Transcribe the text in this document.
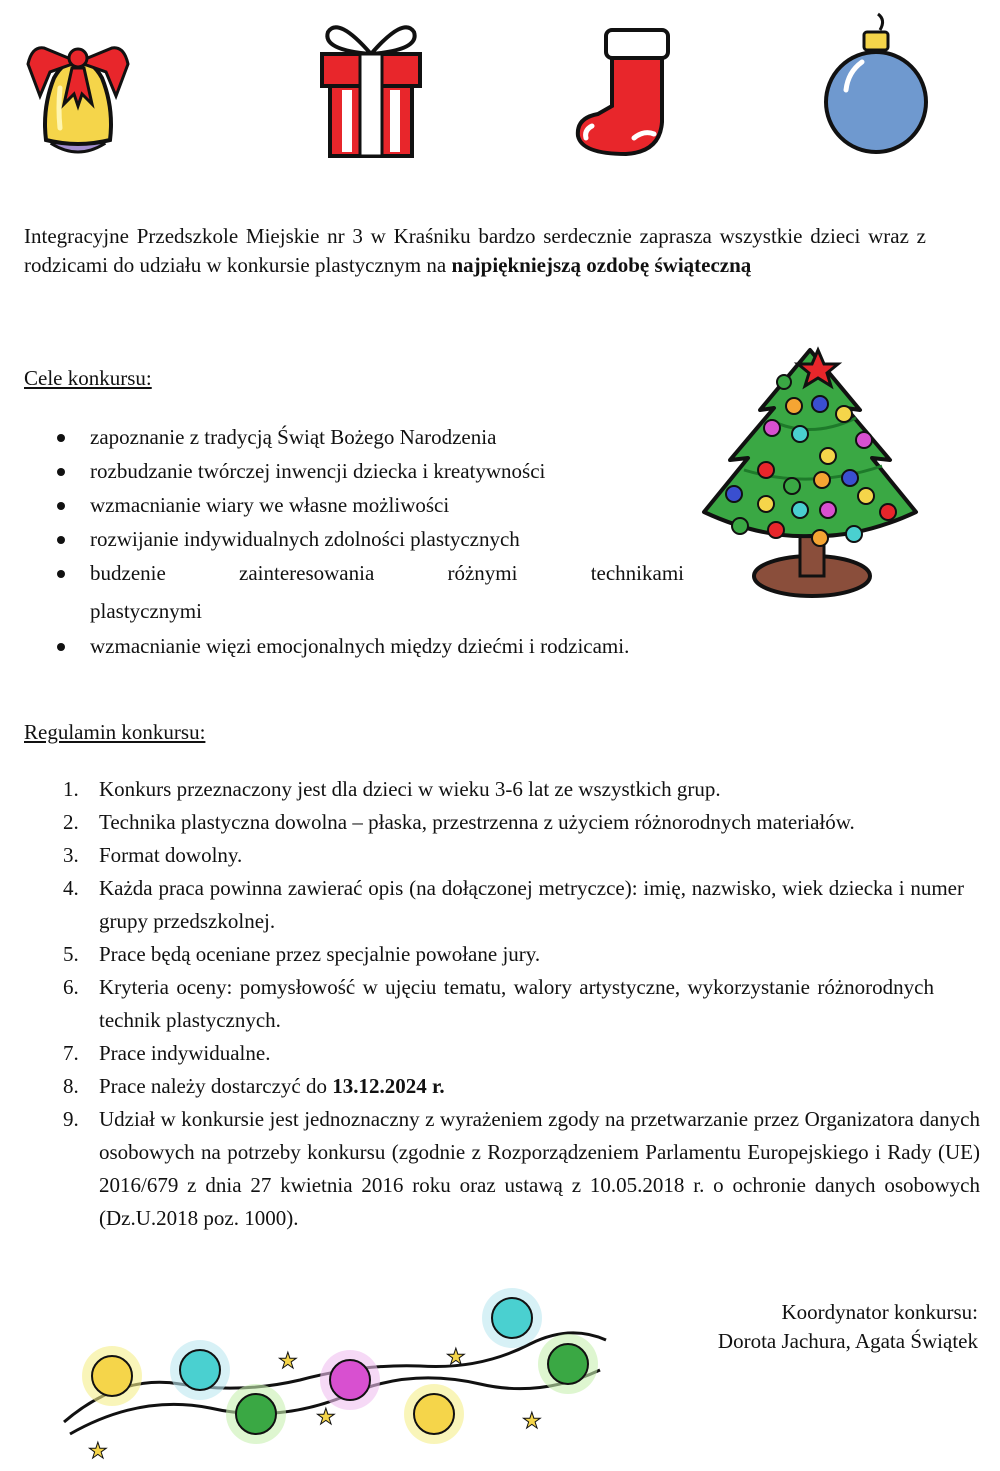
Integracyjne Przedszkole Miejskie nr 3 w Kraśniku bardzo serdecznie zaprasza wszystkie dzieci wraz z rodzicami do udziału w konkursie plastycznym na najpiękniejszą ozdobę świąteczną
Cele konkursu:
zapoznanie z tradycją Świąt Bożego Narodzenia
rozbudzanie twórczej inwencji dziecka i kreatywności
wzmacnianie wiary we własne możliwości
rozwijanie indywidualnych zdolności plastycznych
budzenie zainteresowania różnymi technikami
plastycznymi
wzmacnianie więzi emocjonalnych między dziećmi i rodzicami.
Regulamin konkursu:
1. Konkurs przeznaczony jest dla dzieci w wieku 3-6 lat ze wszystkich grup.
2. Technika plastyczna dowolna – płaska, przestrzenna z użyciem różnorodnych materiałów.
3. Format dowolny.
4. Każda praca powinna zawierać opis (na dołączonej metryczce): imię, nazwisko, wiek dziecka i numer grupy przedszkolnej.
5. Prace będą oceniane przez specjalnie powołane jury.
6. Kryteria oceny: pomysłowość w ujęciu tematu, walory artystyczne, wykorzystanie różnorodnych technik plastycznych.
7. Prace indywidualne.
8. Prace należy dostarczyć do 13.12.2024 r.
9. Udział w konkursie jest jednoznaczny z wyrażeniem zgody na przetwarzanie przez Organizatora danych osobowych na potrzeby konkursu (zgodnie z Rozporządzeniem Parlamentu Europejskiego i Rady (UE) 2016/679 z dnia 27 kwietnia 2016 roku oraz ustawą z 10.05.2018 r. o ochronie danych osobowych (Dz.U.2018 poz. 1000).
Koordynator konkursu:
Dorota Jachura, Agata Świątek
★
★
★
★
★
